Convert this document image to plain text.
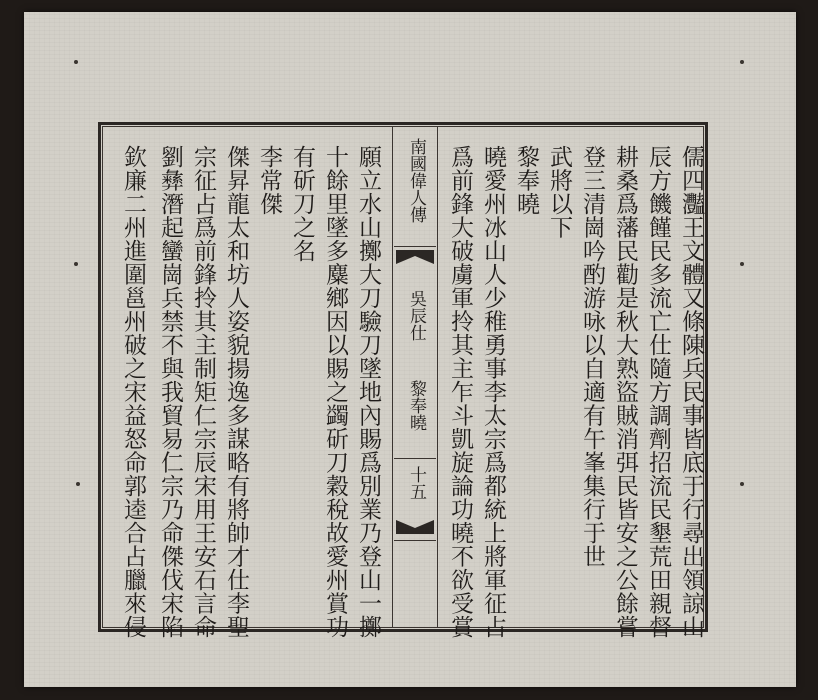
南國偉人傳
吳辰仕
黎奉曉
十五	儒四灩王文體又條陳兵民事皆底于行尋出領諒山
辰方饑饉民多流亡仕隨方調劑招流民墾荒田親督
耕桑爲藩民勸是秋大熟盜賊消弭民皆安之公餘嘗
登三清崗吟酌游咏以自適有午峯集行于世
武將以下
黎奉曉
曉愛州冰山人少稚勇事李太宗爲都統上將軍征占
爲前鋒大破虜軍拎其主乍斗凱旋論功曉不欲受賞
願立水山擲大刀驗刀墜地內賜爲別業乃登山一擲
十餘里墜多麋鄉因以賜之蠲斫刀穀稅故愛州賞功
有斫刀之名
李常傑
傑昇龍太和坊人姿貌揚逸多謀略有將帥才仕李聖
宗征占爲前鋒拎其主制矩仁宗辰宋用王安石言命
劉彝潛起蠻崗兵禁不與我貿易仁宗乃命傑伐宋陷
欽廉二州進圍邕州破之宋益怒命郭逵合占臘來侵
